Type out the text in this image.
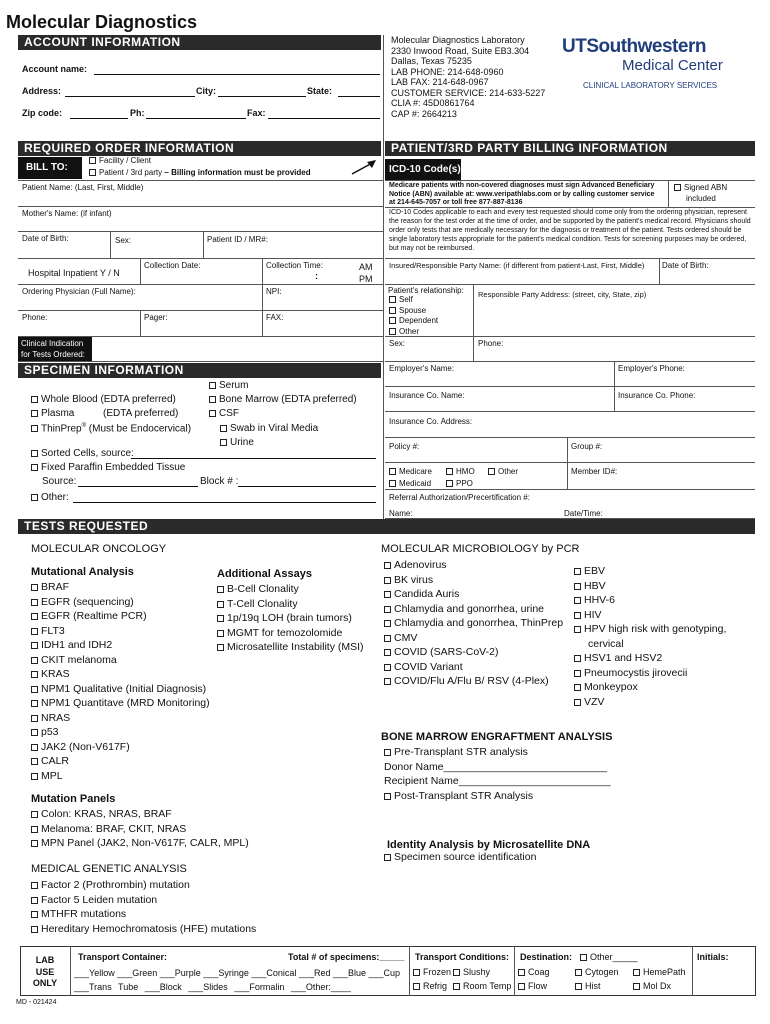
Molecular Diagnostics
ACCOUNT INFORMATION	Molecular Diagnostics Laboratory
2330 Inwood Road, Suite EB3.304
Dallas, Texas 75235
LAB PHONE: 214-648-0960
LAB FAX: 214-648-0967
CUSTOMER SERVICE: 214-633-5227
CLIA #: 45D0861764
CAP #: 2664213
UTSouthwestern
Medical Center
CLINICAL LABORATORY SERVICES
Account name:
Address:	City:	State:
Zip code:	Ph:	Fax:
REQUIRED ORDER INFORMATION
BILL TO:
Facility / Client
Patient / 3rd party – Billing information must be provided
Patient Name: (Last, First, Middle)
Mother's Name: (if infant)
Date of Birth:	Sex:	Patient ID / MR#:
Hospital Inpatient Y / N
Collection Date:	Collection Time:
:
AM
PM
Ordering Physician (Full Name):	NPI:
Phone:	Pager:	FAX:
Clinical Indication
for Tests Ordered:
PATIENT/3RD PARTY BILLING INFORMATION
ICD-10 Code(s)
Medicare patients with non-covered diagnoses must sign Advanced Beneficiary Notice (ABN) available at: www.veripathlabs.com or by calling customer service at 214-645-7057 or toll free 877-887-8136
Signed ABN
included
ICD-10 Codes applicable to each and every test requested should come only from the ordering physician, represent the reason for the test order at the time of order, and be supported by the patient's medical record. Physicians should order only tests that are medically necessary for the diagnosis or treatment of the patient. Tests ordered should be single laboratory tests appropriate for the patient's medical condition. Tests for screening purposes may be ordered, but may not be reimbursed.
Insured/Responsible Party Name: (if different from patient-Last, First, Middle) Date of Birth:
Patient's relationship:
Self
Spouse
Dependent
Other
Responsible Party Address: (street, city, State, zip)
Sex:	Phone:
Employer's Name:	Employer's Phone:
Insurance Co. Name:	Insurance Co. Phone:
Insurance Co. Address:
Policy #:	Group #:
Medicare	HMO	Other
Medicaid	PPO
Member ID#:
Referral Authorization/Precertification #:
Name:	Date/Time:
SPECIMEN INFORMATION
Whole Blood (EDTA preferred)
Plasma	(EDTA preferred)
ThinPrep® (Must be Endocervical)
Serum
Bone Marrow (EDTA preferred)
CSF
Swab in Viral Media
Urine
Sorted Cells, source:
Fixed Paraffin Embedded Tissue
Source:	Block # :
Other:
TESTS REQUESTED
MOLECULAR ONCOLOGY
Mutational Analysis
BRAF
EGFR (sequencing)
EGFR (Realtime PCR)
FLT3
IDH1 and IDH2
CKIT melanoma
KRAS
NPM1 Qualitative (Initial Diagnosis)
NPM1 Quantitave (MRD Monitoring)
NRAS
p53
JAK2 (Non-V617F)
CALR
MPL
Additional Assays
B-Cell Clonality
T-Cell Clonality
1p/19q LOH (brain tumors)
MGMT for temozolomide
Microsatellite Instability (MSI)
Mutation Panels
Colon: KRAS, NRAS, BRAF
Melanoma: BRAF, CKIT, NRAS
MPN Panel (JAK2, Non-V617F, CALR, MPL)
MEDICAL GENETIC ANALYSIS
Factor 2 (Prothrombin) mutation
Factor 5 Leiden mutation
MTHFR mutations
Hereditary Hemochromatosis (HFE) mutations
MOLECULAR MICROBIOLOGY by PCR
Adenovirus
BK virus
Candida Auris
Chlamydia and gonorrhea, urine
Chlamydia and gonorrhea, ThinPrep
CMV
COVID (SARS-CoV-2)
COVID Variant
COVID/Flu A/Flu B/ RSV (4-Plex)
EBV
HBV
HHV-6
HIV
HPV high risk with genotyping,
cervical
HSV1 and HSV2
Pneumocystis jirovecii
Monkeypox
VZV
BONE MARROW ENGRAFTMENT ANALYSIS
Pre-Transplant STR analysis
Donor Name____________________________
Recipient Name__________________________
Post-Transplant STR Analysis
Identity Analysis by Microsatellite DNA
Specimen source identification
LAB
USE
ONLY
Transport Container:	Total # of specimens:_____
___Yellow ___Green ___Purple ___Syringe ___Conical ___Red ___Blue ___Cup
___Trans Tube ___Block ___Slides ___Formalin ___Other:____
Transport Conditions:
Frozen	Slushy
Refrig	Room Temp
Destination:	Other_____
Coag	Cytogen	HemePath
Flow	Hist	Mol Dx
Initials:
MD - 021424
